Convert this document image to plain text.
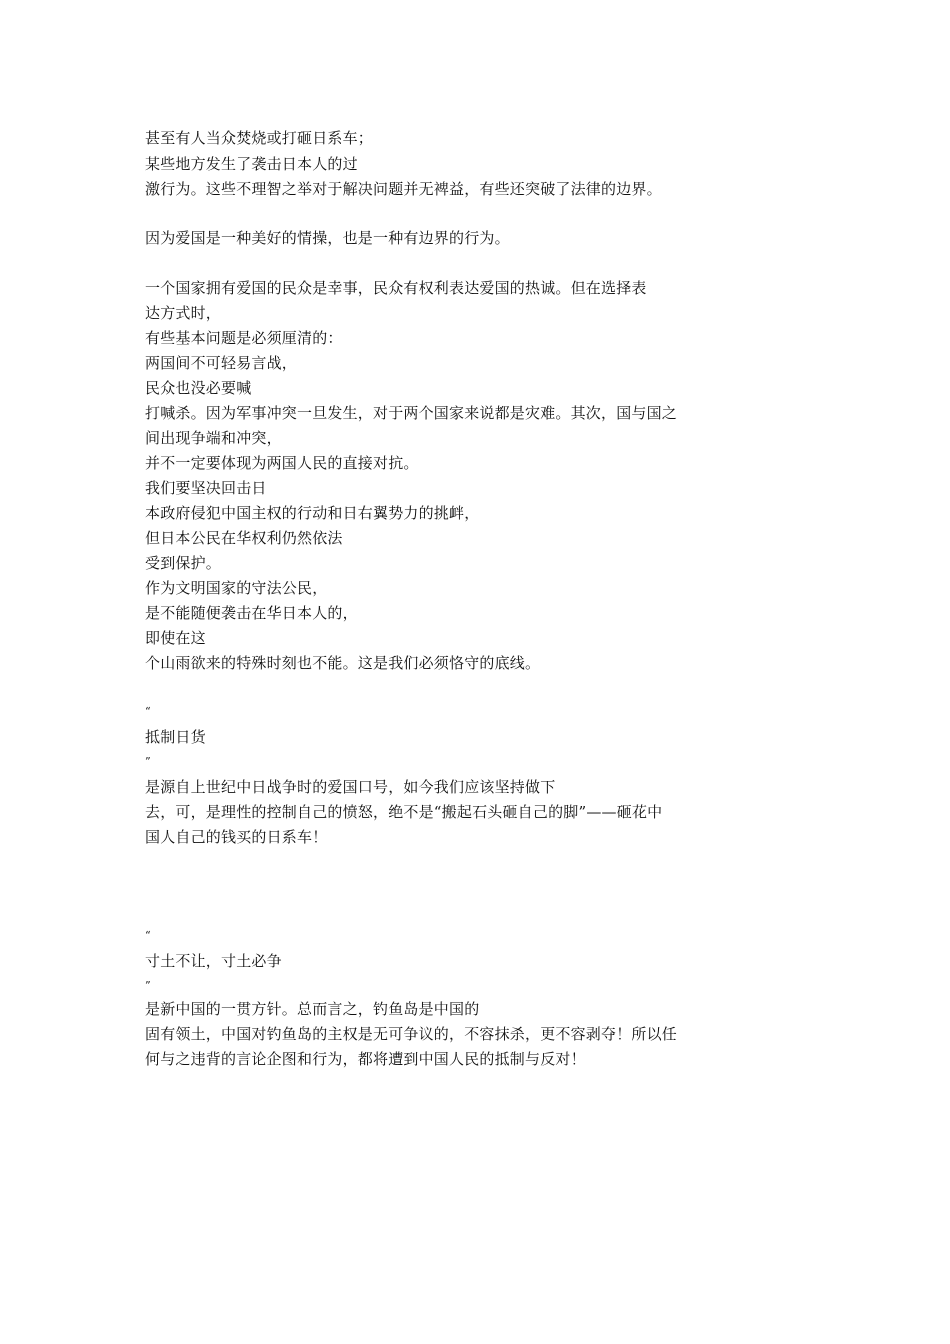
甚至有人当众焚烧或打砸日系车；
某些地方发生了袭击日本人的过
激行为。这些不理智之举对于解决问题并无裨益，有些还突破了法律的边界。
因为爱国是一种美好的情操，也是一种有边界的行为。
一个国家拥有爱国的民众是幸事，民众有权利表达爱国的热诚。但在选择表
达方式时，
有些基本问题是必须厘清的：
两国间不可轻易言战，
民众也没必要喊
打喊杀。因为军事冲突一旦发生，对于两个国家来说都是灾难。其次，国与国之
间出现争端和冲突，
并不一定要体现为两国人民的直接对抗。
我们要坚决回击日
本政府侵犯中国主权的行动和日右翼势力的挑衅，
但日本公民在华权利仍然依法
受到保护。
作为文明国家的守法公民，
是不能随便袭击在华日本人的，
即使在这
个山雨欲来的特殊时刻也不能。这是我们必须恪守的底线。
“
抵制日货
”
是源自上世纪中日战争时的爱国口号，如今我们应该坚持做下
去，可，是理性的控制自己的愤怒，绝不是“搬起石头砸自己的脚”——砸花中
国人自己的钱买的日系车！
“
寸土不让，寸土必争
”
是新中国的一贯方针。总而言之，钓鱼岛是中国的
固有领土，中国对钓鱼岛的主权是无可争议的，不容抹杀，更不容剥夺！所以任
何与之违背的言论企图和行为，都将遭到中国人民的抵制与反对！
